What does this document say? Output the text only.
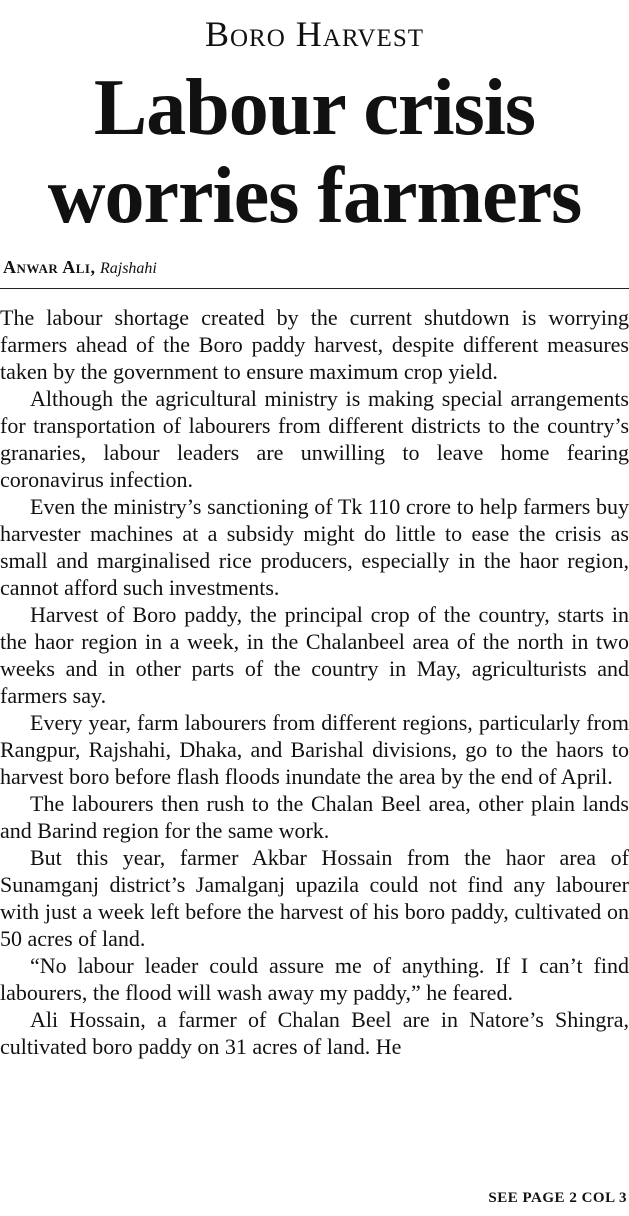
Boro Harvest
Labour crisis
worries farmers
Anwar Ali, Rajshahi

The labour shortage created by the current shutdown is worrying farmers ahead of the Boro paddy harvest, despite different measures taken by the government to ensure maximum crop yield.

Although the agricultural ministry is making special arrangements for transportation of labourers from different districts to the country’s granaries, labour leaders are unwilling to leave home fearing coronavirus infection.

Even the ministry’s sanctioning of Tk 110 crore to help farmers buy harvester machines at a subsidy might do little to ease the crisis as small and marginalised rice producers, especially in the haor region, cannot afford such investments.

Harvest of Boro paddy, the principal crop of the country, starts in the haor region in a week, in the Chalanbeel area of the north in two weeks and in other parts of the country in May, agriculturists and farmers say.

Every year, farm labourers from different regions, particularly from Rangpur, Rajshahi, Dhaka, and Barishal divisions, go to the haors to harvest boro before flash floods inundate the area by the end of April.

The labourers then rush to the Chalan Beel area, other plain lands and Barind region for the same work.

But this year, farmer Akbar Hossain from the haor area of Sunamganj district’s Jamalganj upazila could not find any labourer with just a week left before the harvest of his boro paddy, cultivated on 50 acres of land.

“No labour leader could assure me of anything. If I can’t find labourers, the flood will wash away my paddy,” he feared.

Ali Hossain, a farmer of Chalan Beel are in Natore’s Shingra, cultivated boro paddy on 31 acres of land. He

SEE PAGE 2 COL 3
